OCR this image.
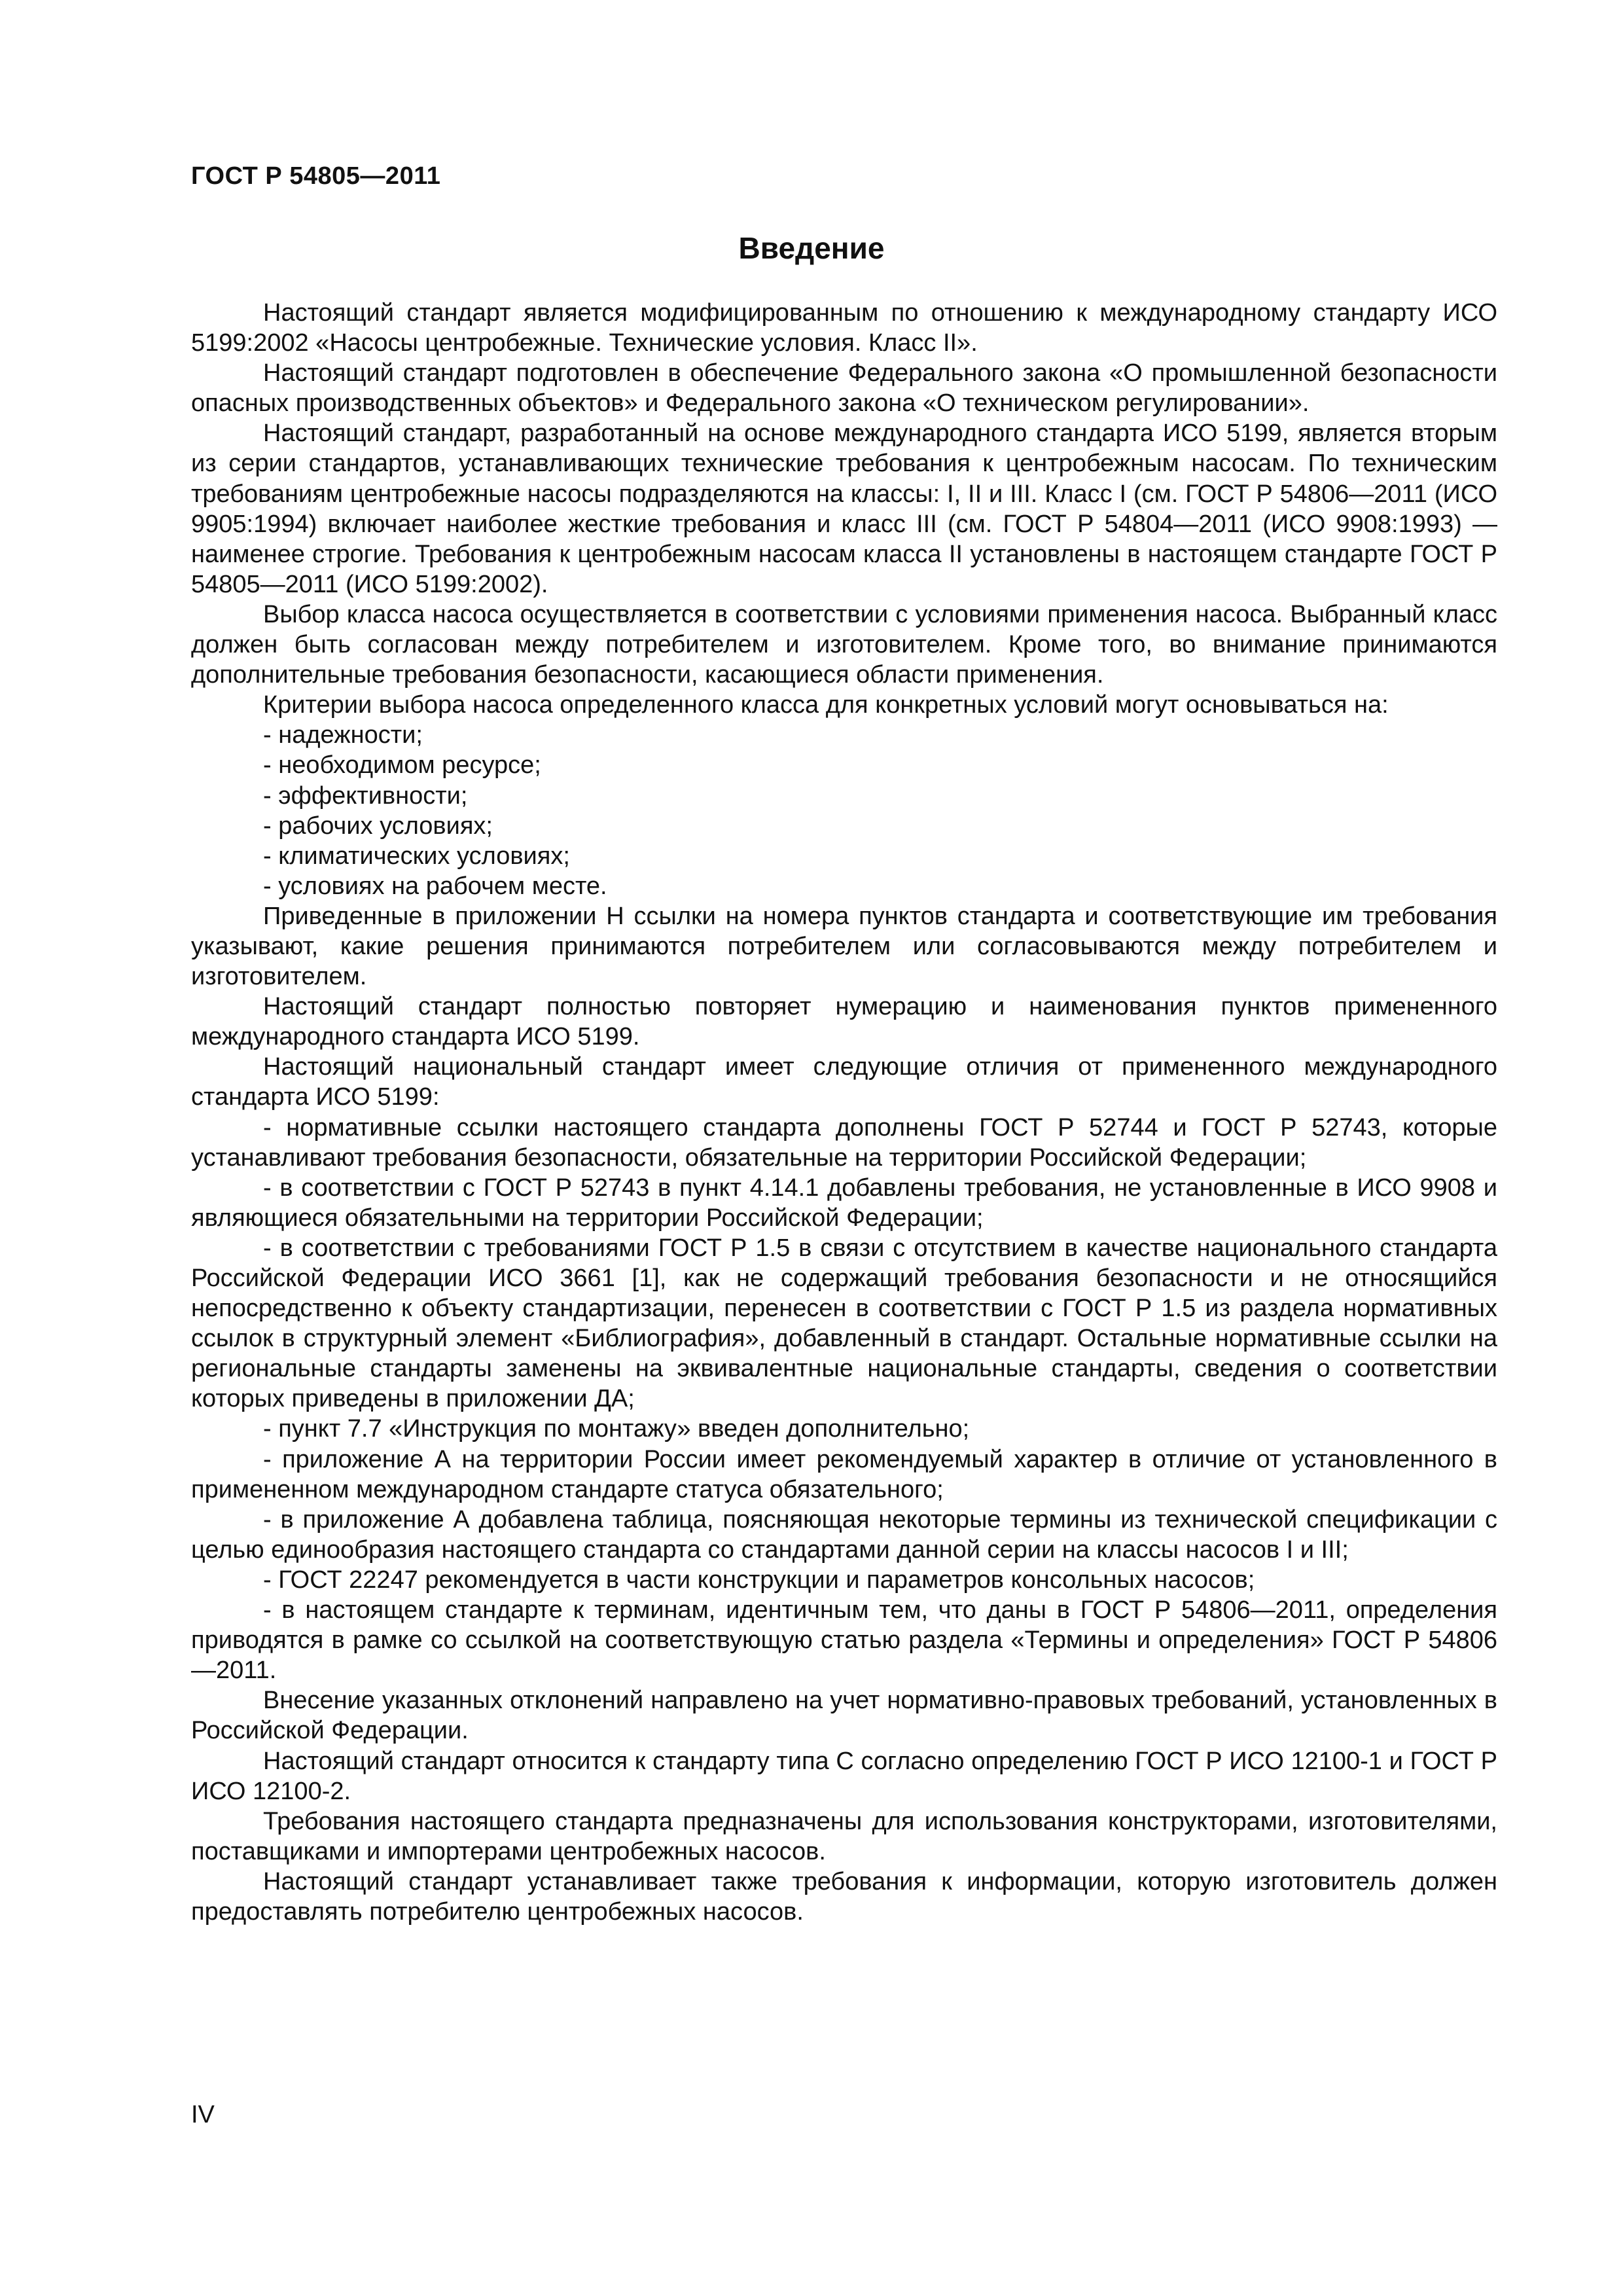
ГОСТ Р 54805—2011
Введение

Настоящий стандарт является модифицированным по отношению к международному стандарту ИСО 5199:2002 «Насосы центробежные. Технические условия. Класс II».

Настоящий стандарт подготовлен в обеспечение Федерального закона «О промышленной безопасности опасных производственных объектов» и Федерального закона «О техническом регулировании».

Настоящий стандарт, разработанный на основе международного стандарта ИСО 5199, является вторым из серии стандартов, устанавливающих технические требования к центробежным насосам. По техническим требованиям центробежные насосы подразделяются на классы: I, II и III. Класс I (см. ГОСТ Р 54806—2011 (ИСО 9905:1994) включает наиболее жесткие требования и класс III (см. ГОСТ Р 54804—2011 (ИСО 9908:1993) — наименее строгие. Требования к центробежным насосам класса II установлены в настоящем стандарте ГОСТ Р 54805—2011 (ИСО 5199:2002).

Выбор класса насоса осуществляется в соответствии с условиями применения насоса. Выбранный класс должен быть согласован между потребителем и изготовителем. Кроме того, во внимание принимаются дополнительные требования безопасности, касающиеся области применения.

Критерии выбора насоса определенного класса для конкретных условий могут основываться на:

- надежности;

- необходимом ресурсе;

- эффективности;

- рабочих условиях;

- климатических условиях;

- условиях на рабочем месте.

Приведенные в приложении Н ссылки на номера пунктов стандарта и соответствующие им требования указывают, какие решения принимаются потребителем или согласовываются между потребителем и изготовителем.

Настоящий стандарт полностью повторяет нумерацию и наименования пунктов примененного международного стандарта ИСО 5199.

Настоящий национальный стандарт имеет следующие отличия от примененного международного стандарта ИСО 5199:

- нормативные ссылки настоящего стандарта дополнены ГОСТ Р 52744 и ГОСТ Р 52743, которые устанавливают требования безопасности, обязательные на территории Российской Федерации;

- в соответствии с ГОСТ Р 52743 в пункт 4.14.1 добавлены требования, не установленные в ИСО 9908 и являющиеся обязательными на территории Российской Федерации;

- в соответствии с требованиями ГОСТ Р 1.5 в связи с отсутствием в качестве национального стандарта Российской Федерации ИСО 3661 [1], как не содержащий требования безопасности и не относящийся непосредственно к объекту стандартизации, перенесен в соответствии с ГОСТ Р 1.5 из раздела нормативных ссылок в структурный элемент «Библиография», добавленный в стандарт. Остальные нормативные ссылки на региональные стандарты заменены на эквивалентные национальные стандарты, сведения о соответствии которых приведены в приложении ДА;

- пункт 7.7 «Инструкция по монтажу» введен дополнительно;

- приложение А на территории России имеет рекомендуемый характер в отличие от установленного в примененном международном стандарте статуса обязательного;

- в приложение А добавлена таблица, поясняющая некоторые термины из технической спецификации с целью единообразия настоящего стандарта со стандартами данной серии на классы насосов I и III;

- ГОСТ 22247 рекомендуется в части конструкции и параметров консольных насосов;

- в настоящем стандарте к терминам, идентичным тем, что даны в ГОСТ Р 54806—2011, определения приводятся в рамке со ссылкой на соответствующую статью раздела «Термины и определения» ГОСТ Р 54806—2011.

Внесение указанных отклонений направлено на учет нормативно-правовых требований, установленных в Российской Федерации.

Настоящий стандарт относится к стандарту типа С согласно определению ГОСТ Р ИСО 12100-1 и ГОСТ Р ИСО 12100-2.

Требования настоящего стандарта предназначены для использования конструкторами, изготовителями, поставщиками и импортерами центробежных насосов.

Настоящий стандарт устанавливает также требования к информации, которую изготовитель должен предоставлять потребителю центробежных насосов.

IV
